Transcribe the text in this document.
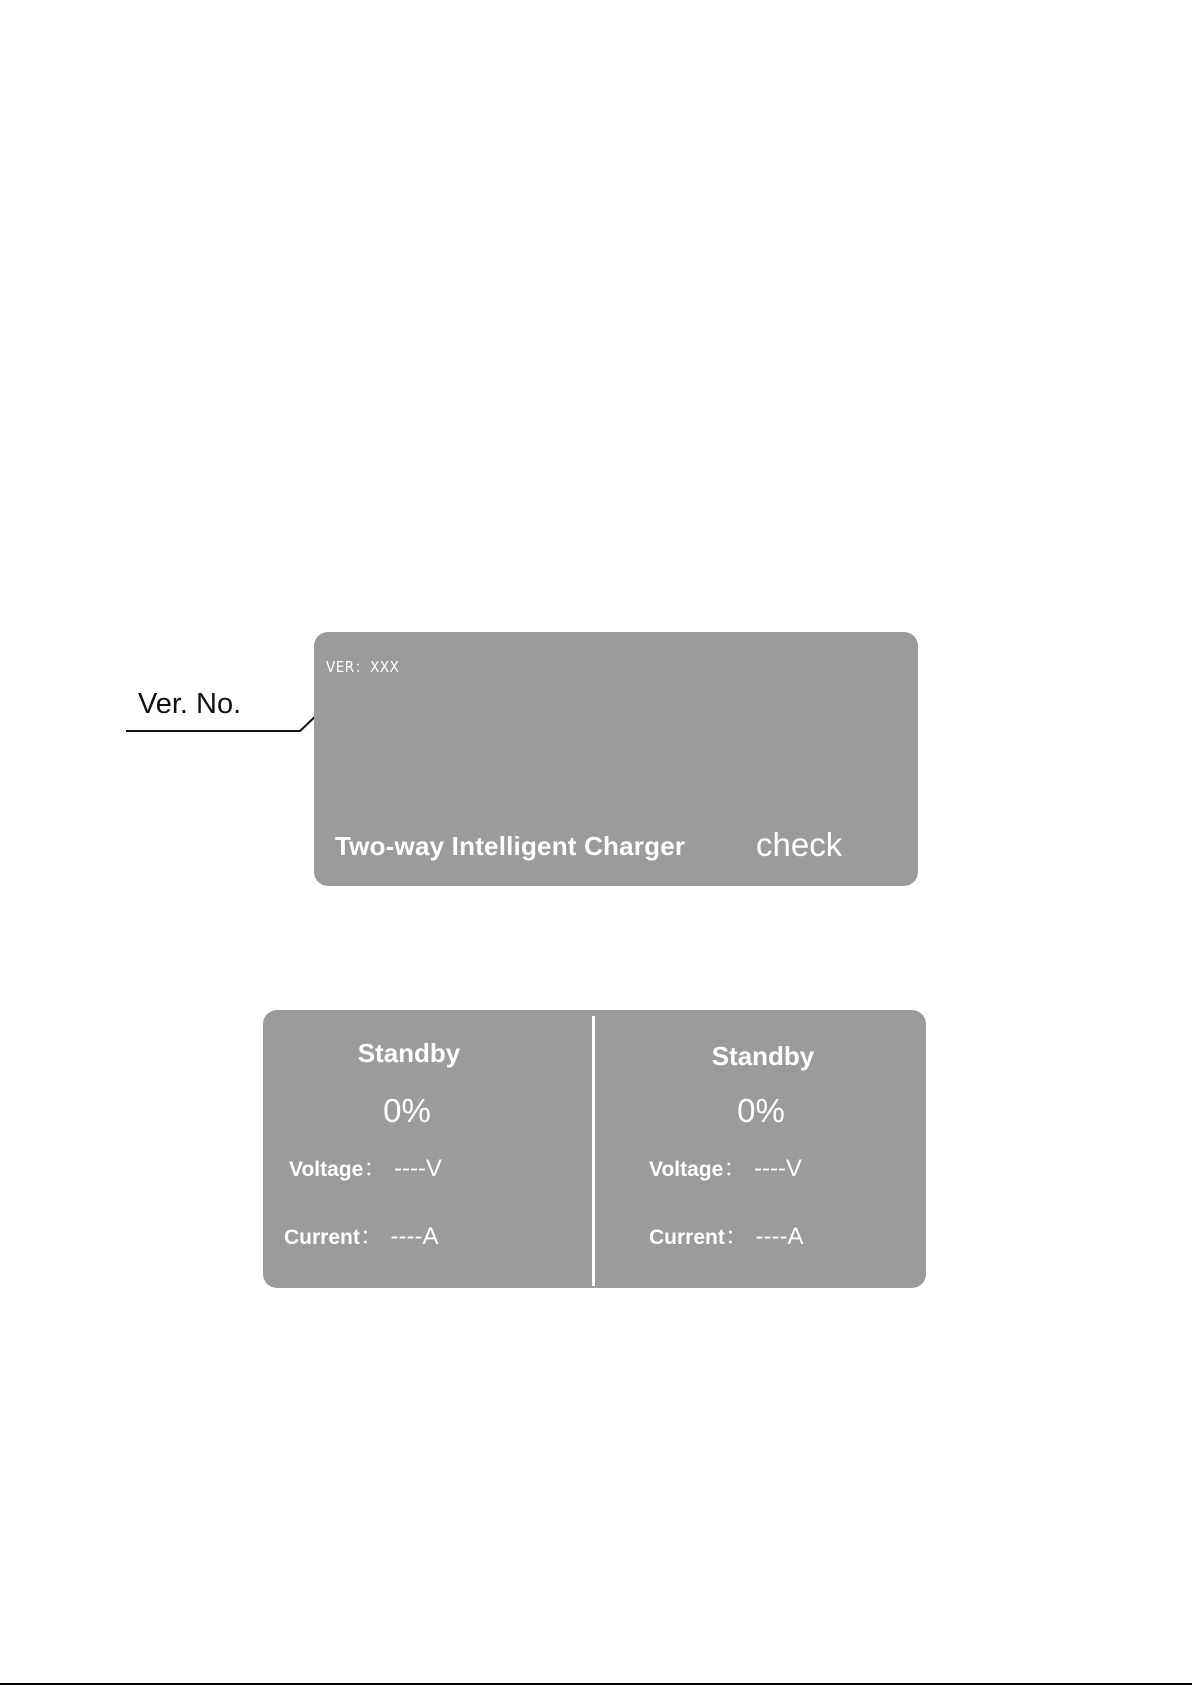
Ver. No.
VER：XXX
Two-way Intelligent Charger check
Standby
0%
Voltage： ----V
Current： ----A
Standby
0%
Voltage： ----V
Current： ----A
